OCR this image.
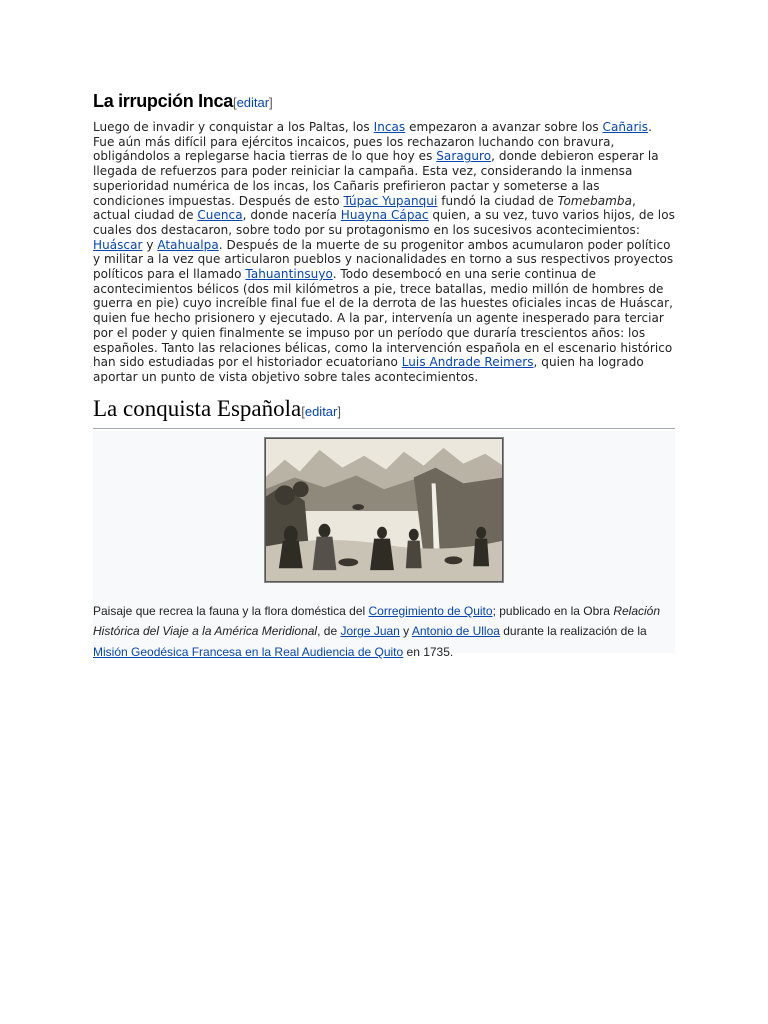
La irrupción Inca[editar]

Luego de invadir y conquistar a los Paltas, los Incas empezaron a avanzar sobre los Cañaris. Fue aún más difícil para ejércitos incaicos, pues los rechazaron luchando con bravura, obligándolos a replegarse hacia tierras de lo que hoy es Saraguro, donde debieron esperar la llegada de refuerzos para poder reiniciar la campaña. Esta vez, considerando la inmensa superioridad numérica de los incas, los Cañaris prefirieron pactar y someterse a las condiciones impuestas. Después de esto Túpac Yupanqui fundó la ciudad de Tomebamba, actual ciudad de Cuenca, donde nacería Huayna Cápac quien, a su vez, tuvo varios hijos, de los cuales dos destacaron, sobre todo por su protagonismo en los sucesivos acontecimientos: Huáscar y Atahualpa. Después de la muerte de su progenitor ambos acumularon poder político y militar a la vez que articularon pueblos y nacionalidades en torno a sus respectivos proyectos políticos para el llamado Tahuantinsuyo. Todo desembocó en una serie continua de acontecimientos bélicos (dos mil kilómetros a pie, trece batallas, medio millón de hombres de guerra en pie) cuyo increíble final fue el de la derrota de las huestes oficiales incas de Huáscar, quien fue hecho prisionero y ejecutado. A la par, intervenía un agente inesperado para terciar por el poder y quien finalmente se impuso por un período que duraría trescientos años: los españoles. Tanto las relaciones bélicas, como la intervención española en el escenario histórico han sido estudiadas por el historiador ecuatoriano Luis Andrade Reimers, quien ha logrado aportar un punto de vista objetivo sobre tales acontecimientos.

La conquista Española[editar]
Paisaje que recrea la fauna y la flora doméstica del Corregimiento de Quito; publicado en la Obra Relación Histórica del Viaje a la América Meridional, de Jorge Juan y Antonio de Ulloa durante la realización de la Misión Geodésica Francesa en la Real Audiencia de Quito en 1735.
